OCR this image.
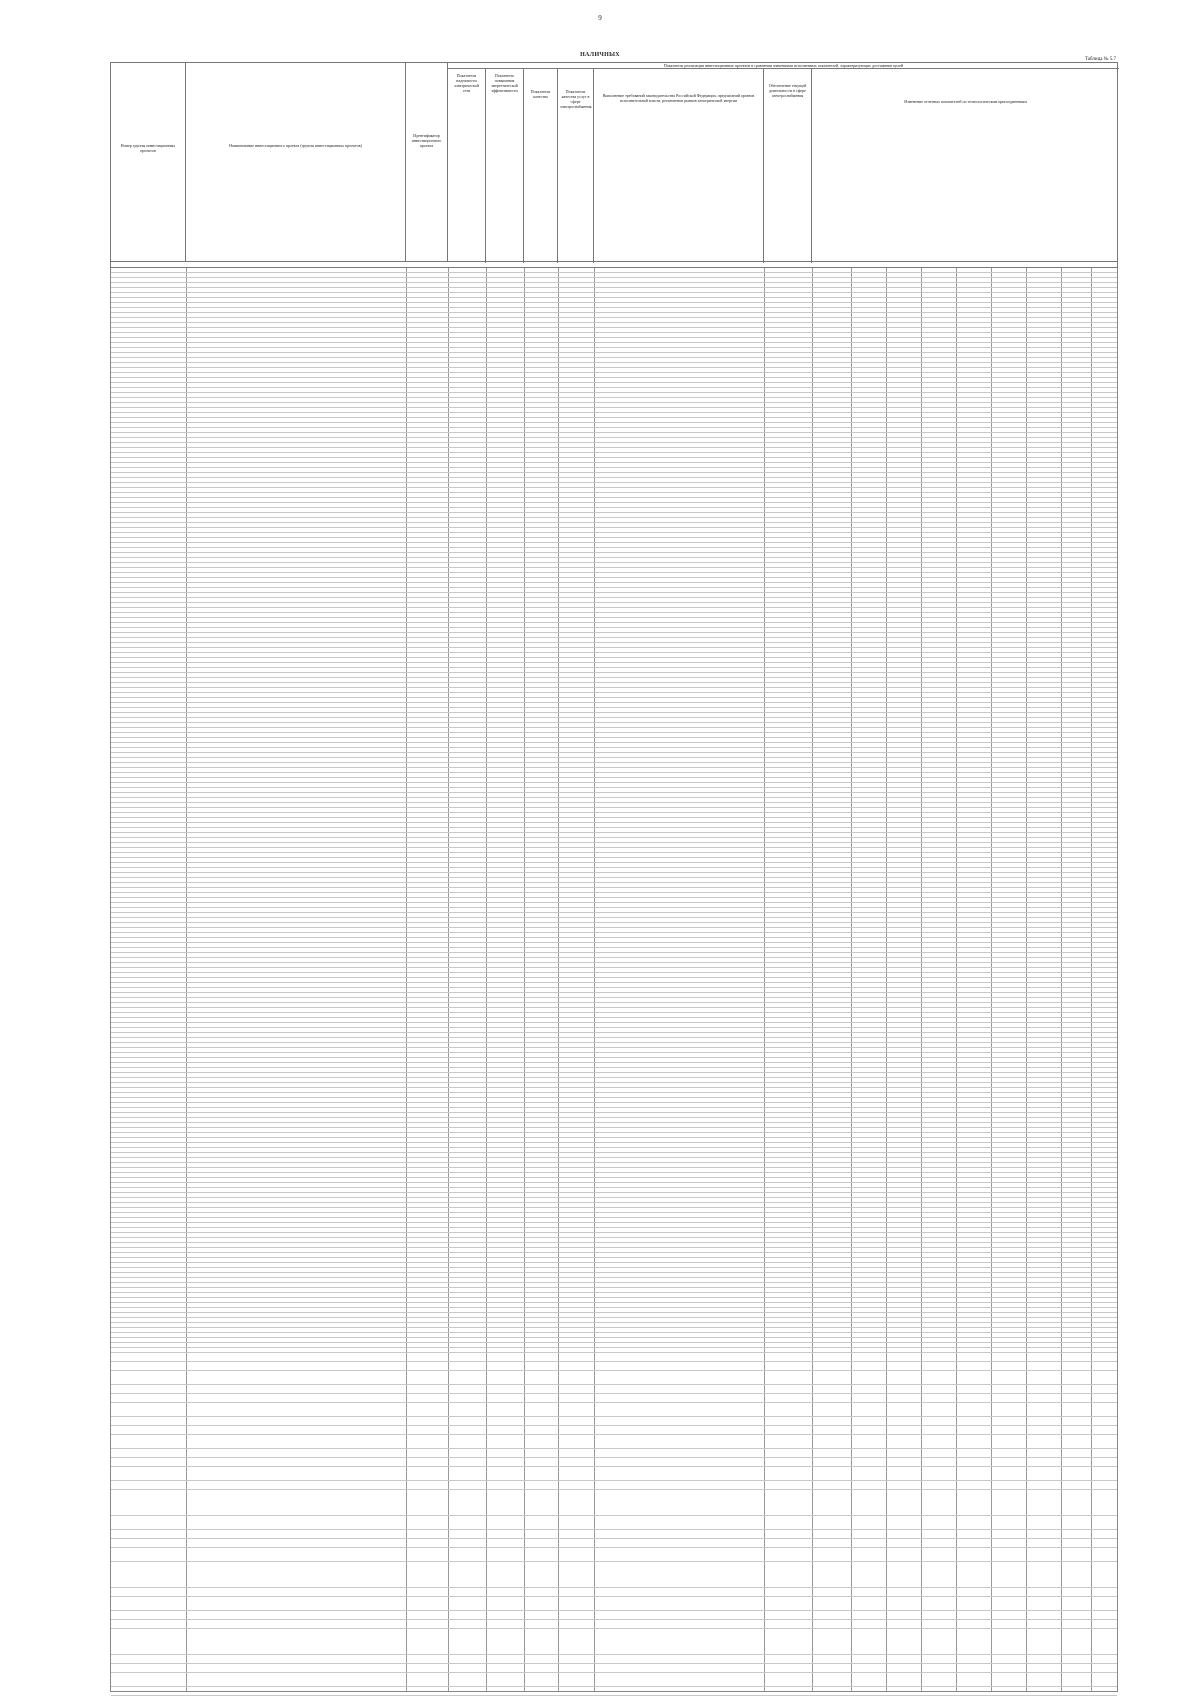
9
НАЛИЧНЫХ
Таблица № 5.7
Номер группы инвестиционных проектов
Наименование инвестиционного проекта (группы инвестиционных проектов)
Идентификатор инвестиционного проекта
Показатели реализации инвестиционных проектов в сравнении значениями исполненных показателей, характеризующих достижение целей
Показатели надежности электрической сети
Показатель повышения энергетической эффективности	Показатели качества
Показатели качества услуг в сфере электроснабжения
Выполнение требований законодательства Российской Федерации, предписаний органов исполнительной власти, регламентов рынков электрической энергии
Обеспечение текущей деятельности в сфере электроснабжения
Изменение отчетных показателей по технологическим присоединениям
